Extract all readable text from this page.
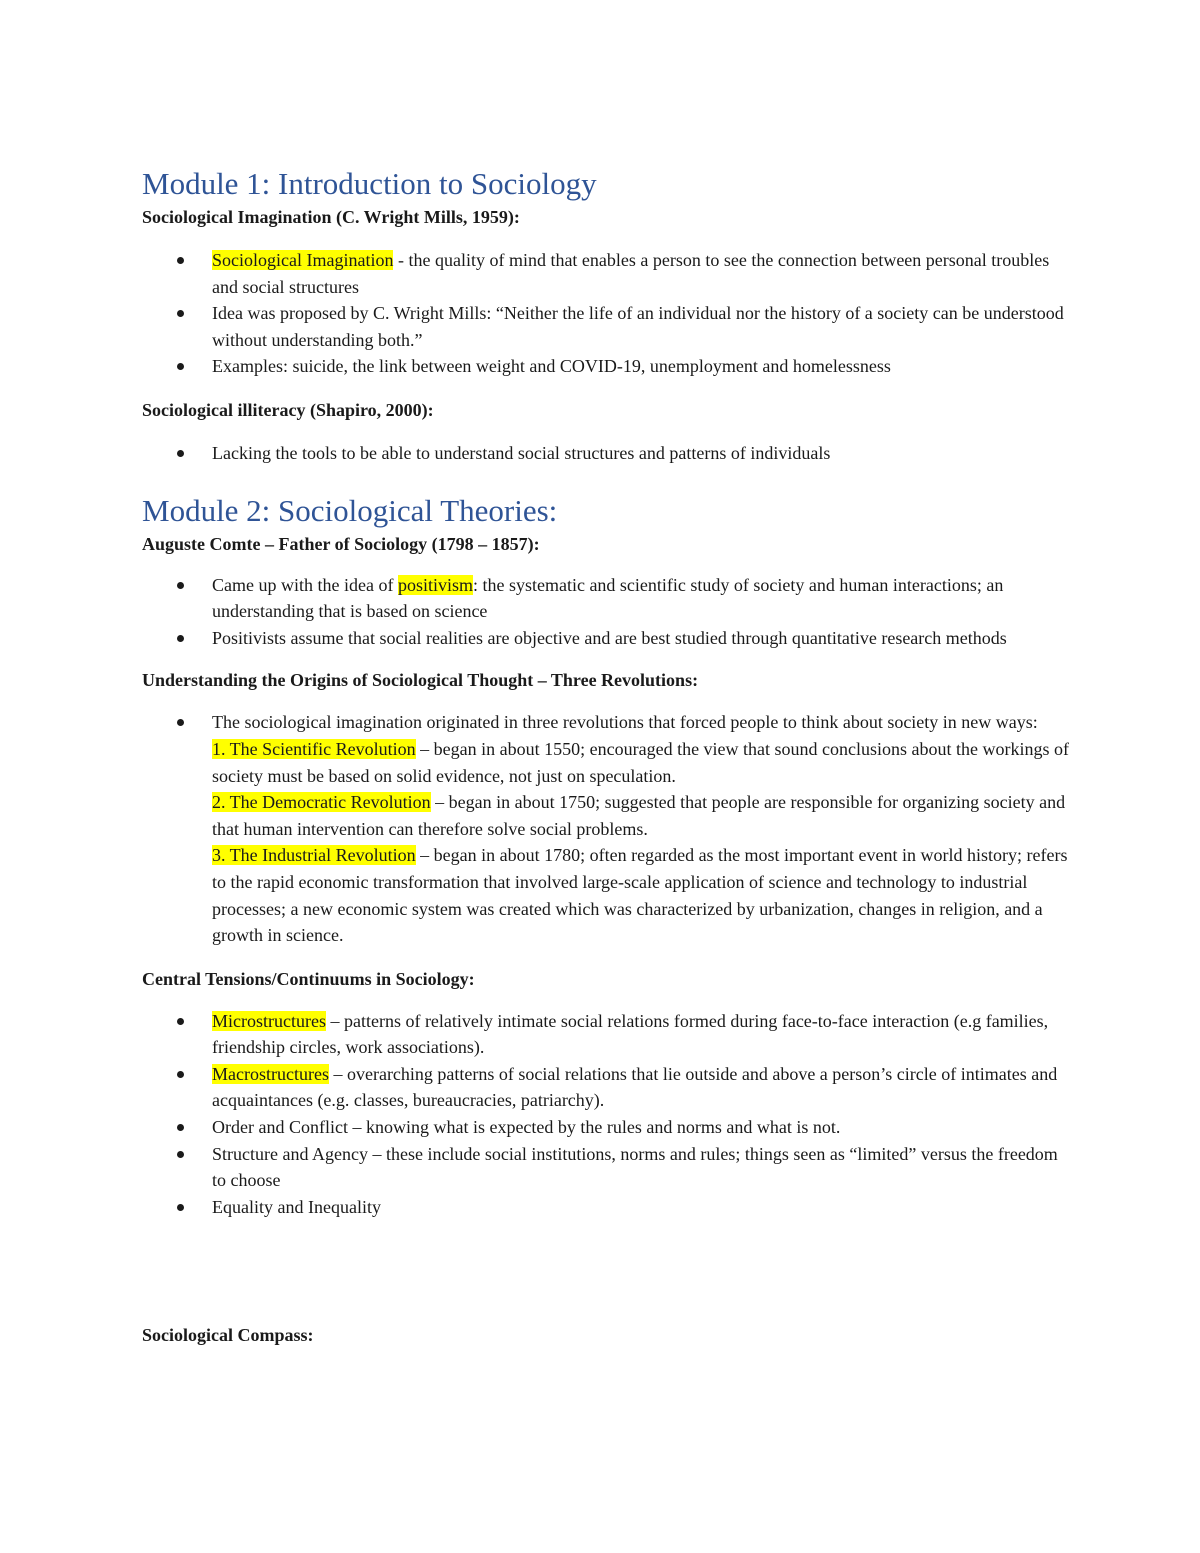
Module 1: Introduction to Sociology

Sociological Imagination (C. Wright Mills, 1959):

Sociological Imagination - the quality of mind that enables a person to see the connection between personal troubles and social structures
Idea was proposed by C. Wright Mills: “Neither the life of an individual nor the history of a society can be understood without understanding both.”
Examples: suicide, the link between weight and COVID-19, unemployment and homelessness

Sociological illiteracy (Shapiro, 2000):

Lacking the tools to be able to understand social structures and patterns of individuals
Module 2: Sociological Theories:

Auguste Comte – Father of Sociology (1798 – 1857):

Came up with the idea of positivism: the systematic and scientific study of society and human interactions; an understanding that is based on science
Positivists assume that social realities are objective and are best studied through quantitative research methods

Understanding the Origins of Sociological Thought – Three Revolutions:

The sociological imagination originated in three revolutions that forced people to think about society in new ways:
1. The Scientific Revolution – began in about 1550; encouraged the view that sound conclusions about the workings of society must be based on solid evidence, not just on speculation.
2. The Democratic Revolution – began in about 1750; suggested that people are responsible for organizing society and that human intervention can therefore solve social problems.
3. The Industrial Revolution – began in about 1780; often regarded as the most important event in world history; refers to the rapid economic transformation that involved large-scale application of science and technology to industrial processes; a new economic system was created which was characterized by urbanization, changes in religion, and a growth in science.

Central Tensions/Continuums in Sociology:

Microstructures – patterns of relatively intimate social relations formed during face-to-face interaction (e.g families, friendship circles, work associations).
Macrostructures – overarching patterns of social relations that lie outside and above a person’s circle of intimates and acquaintances (e.g. classes, bureaucracies, patriarchy).
Order and Conflict – knowing what is expected by the rules and norms and what is not.
Structure and Agency – these include social institutions, norms and rules; things seen as “limited” versus the freedom to choose
Equality and Inequality

Sociological Compass:
